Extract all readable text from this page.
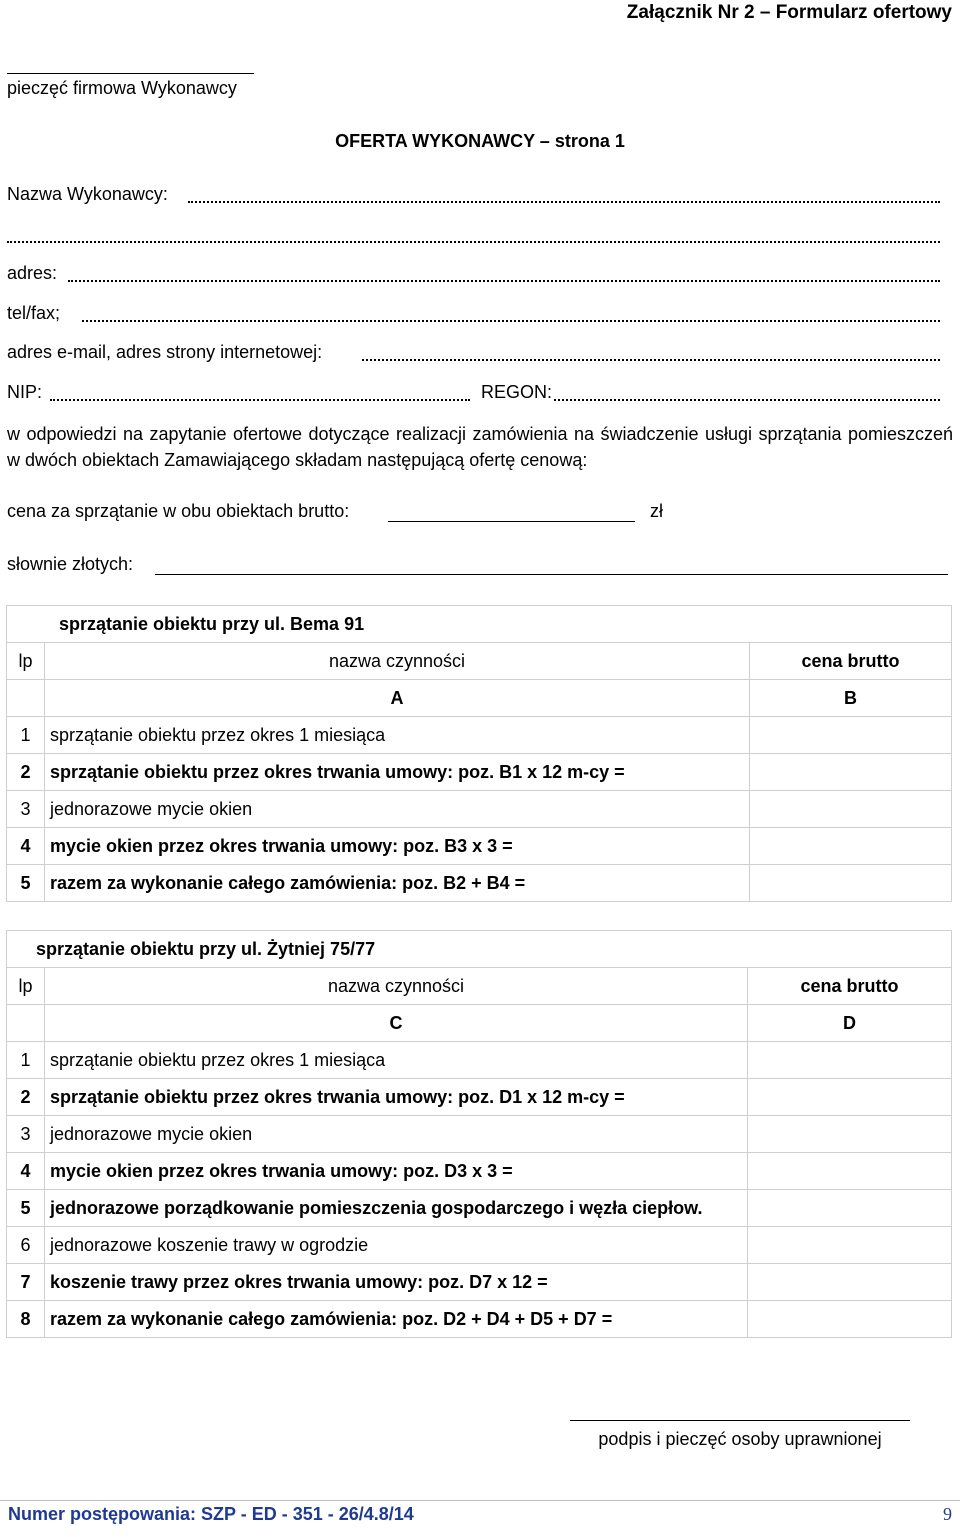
Załącznik Nr 2 – Formularz ofertowy
pieczęć firmowa Wykonawcy
OFERTA WYKONAWCY – strona 1
Nazwa Wykonawcy:
adres:
tel/fax;
adres e-mail, adres strony internetowej:
NIP:	REGON:
w odpowiedzi na zapytanie ofertowe dotyczące realizacji zamówienia na świadczenie usługi sprzątania pomieszczeń w dwóch obiektach Zamawiającego składam następującą ofertę cenową:
cena za sprzątanie w obu obiektach brutto:	zł
słownie złotych:
sprzątanie obiektu przy ul. Bema 91		
lp	nazwa czynności	cena brutto
	A	B
1	sprzątanie obiektu przez okres 1 miesiąca	
2	sprzątanie obiektu przez okres trwania umowy: poz. B1 x 12 m-cy =	
3	jednorazowe mycie okien	
4	mycie okien przez okres trwania umowy: poz. B3 x 3 =	
5	razem za wykonanie całego zamówienia: poz. B2 + B4 =	
sprzątanie obiektu przy ul. Żytniej 75/77		
lp	nazwa czynności	cena brutto
	C	D
1	sprzątanie obiektu przez okres 1 miesiąca	
2	sprzątanie obiektu przez okres trwania umowy: poz. D1 x 12 m-cy =	
3	jednorazowe mycie okien	
4	mycie okien przez okres trwania umowy: poz. D3 x 3 =	
5	jednorazowe porządkowanie pomieszczenia gospodarczego i węzła ciepłow.	
6	jednorazowe koszenie trawy w ogrodzie	
7	koszenie trawy przez okres trwania umowy: poz. D7 x 12 =	
8	razem za wykonanie całego zamówienia: poz. D2 + D4 + D5 + D7 =	
podpis i pieczęć osoby uprawnionej
Numer postępowania: SZP - ED - 351 - 26/4.8/14	9
